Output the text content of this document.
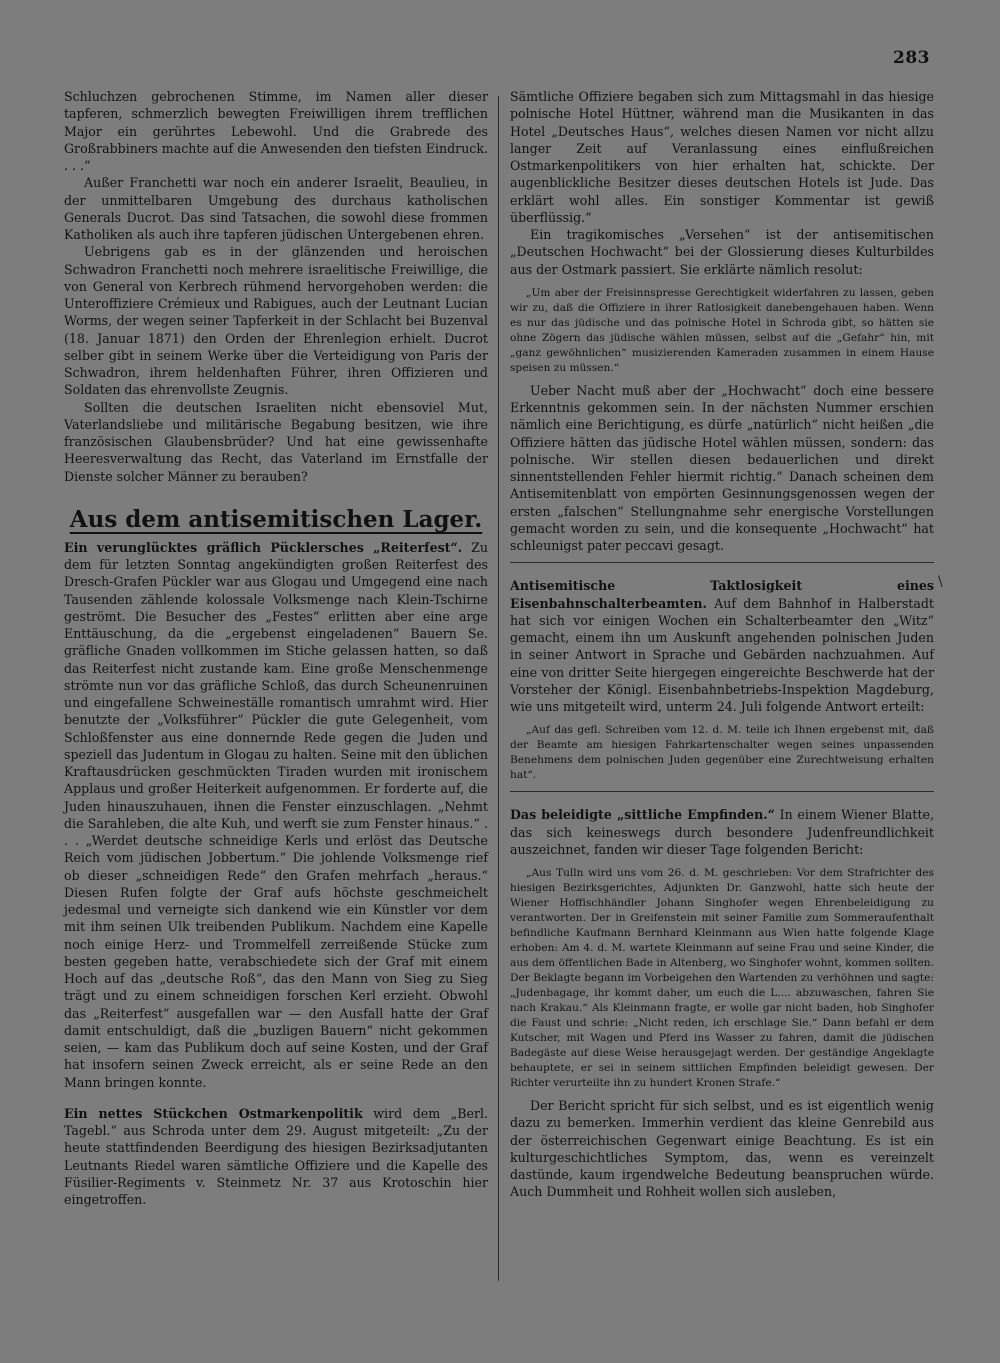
283

Schluchzen gebrochenen Stimme, im Namen aller dieser tapferen, schmerzlich bewegten Freiwilligen ihrem trefflichen Major ein gerührtes Lebewohl. Und die Grabrede des Großrabbiners machte auf die Anwesenden den tiefsten Eindruck. . . .“

Außer Franchetti war noch ein anderer Israelit, Beaulieu, in der unmittelbaren Umgebung des durchaus katholischen Generals Ducrot. Das sind Tatsachen, die sowohl diese frommen Katholiken als auch ihre tapferen jüdischen Untergebenen ehren.

Uebrigens gab es in der glänzenden und heroischen Schwadron Franchetti noch mehrere israelitische Freiwillige, die von General von Kerbrech rühmend hervorgehoben werden: die Unteroffiziere Crémieux und Rabigues, auch der Leutnant Lucian Worms, der wegen seiner Tapferkeit in der Schlacht bei Buzenval (18. Januar 1871) den Orden der Ehrenlegion erhielt. Ducrot selber gibt in seinem Werke über die Verteidigung von Paris der Schwadron, ihrem heldenhaften Führer, ihren Offizieren und Soldaten das ehrenvollste Zeugnis.

Sollten die deutschen Israeliten nicht ebensoviel Mut, Vaterlandsliebe und militärische Begabung besitzen, wie ihre französischen Glaubensbrüder? Und hat eine gewissenhafte Heeresverwaltung das Recht, das Vaterland im Ernstfalle der Dienste solcher Männer zu berauben?

Aus dem antisemitischen Lager.

Ein verunglücktes gräflich Pücklersches „Reiterfest“. Zu dem für letzten Sonntag angekündigten großen Reiterfest des Dresch-Grafen Pückler war aus Glogau und Umgegend eine nach Tausenden zählende kolossale Volksmenge nach Klein-Tschirne geströmt. Die Besucher des „Festes“ erlitten aber eine arge Enttäuschung, da die „ergebenst eingeladenen“ Bauern Se. gräfliche Gnaden vollkommen im Stiche gelassen hatten, so daß das Reiterfest nicht zustande kam. Eine große Menschenmenge strömte nun vor das gräfliche Schloß, das durch Scheunenruinen und eingefallene Schweineställe romantisch umrahmt wird. Hier benutzte der „Volksführer“ Pückler die gute Gelegenheit, vom Schloßfenster aus eine donnernde Rede gegen die Juden und speziell das Judentum in Glogau zu halten. Seine mit den üblichen Kraftausdrücken geschmückten Tiraden wurden mit ironischem Applaus und großer Heiterkeit aufgenommen. Er forderte auf, die Juden hinauszuhauen, ihnen die Fenster einzuschlagen. „Nehmt die Sarahleben, die alte Kuh, und werft sie zum Fenster hinaus.“ . . . „Werdet deutsche schneidige Kerls und erlöst das Deutsche Reich vom jüdischen Jobbertum.“ Die johlende Volksmenge rief ob dieser „schneidigen Rede“ den Grafen mehrfach „heraus.“ Diesen Rufen folgte der Graf aufs höchste geschmeichelt jedesmal und verneigte sich dankend wie ein Künstler vor dem mit ihm seinen Ulk treibenden Publikum. Nachdem eine Kapelle noch einige Herz- und Trommelfell zerreißende Stücke zum besten gegeben hatte, verabschiedete sich der Graf mit einem Hoch auf das „deutsche Roß“, das den Mann von Sieg zu Sieg trägt und zu einem schneidigen forschen Kerl erzieht. Obwohl das „Reiterfest“ ausgefallen war — den Ausfall hatte der Graf damit entschuldigt, daß die „buzligen Bauern“ nicht gekommen seien, — kam das Publikum doch auf seine Kosten, und der Graf hat insofern seinen Zweck erreicht, als er seine Rede an den Mann bringen konnte.

Ein nettes Stückchen Ostmarkenpolitik wird dem „Berl. Tagebl.“ aus Schroda unter dem 29. August mitgeteilt: „Zu der heute stattfindenden Beerdigung des hiesigen Bezirksadjutanten Leutnants Riedel waren sämtliche Offiziere und die Kapelle des Füsilier-Regiments v. Steinmetz Nr. 37 aus Krotoschin hier eingetroffen.

Sämtliche Offiziere begaben sich zum Mittagsmahl in das hiesige polnische Hotel Hüttner, während man die Musikanten in das Hotel „Deutsches Haus“, welches diesen Namen vor nicht allzu langer Zeit auf Veranlassung eines einflußreichen Ostmarkenpolitikers von hier erhalten hat, schickte. Der augenblickliche Besitzer dieses deutschen Hotels ist Jude. Das erklärt wohl alles. Ein sonstiger Kommentar ist gewiß überflüssig.“

Ein tragikomisches „Versehen“ ist der antisemitischen „Deutschen Hochwacht“ bei der Glossierung dieses Kulturbildes aus der Ostmark passiert. Sie erklärte nämlich resolut:

„Um aber der Freisinnspresse Gerechtigkeit widerfahren zu lassen, geben wir zu, daß die Offiziere in ihrer Ratlosigkeit danebengehauen haben. Wenn es nur das jüdische und das polnische Hotel in Schroda gibt, so hätten sie ohne Zögern das jüdische wählen müssen, selbst auf die „Gefahr“ hin, mit „ganz gewöhnlichen“ musizierenden Kameraden zusammen in einem Hause speisen zu müssen.“

Ueber Nacht muß aber der „Hochwacht“ doch eine bessere Erkenntnis gekommen sein. In der nächsten Nummer erschien nämlich eine Berichtigung, es dürfe „natürlich“ nicht heißen „die Offiziere hätten das jüdische Hotel wählen müssen, sondern: das polnische. Wir stellen diesen bedauerlichen und direkt sinnentstellenden Fehler hiermit richtig.“ Danach scheinen dem Antisemitenblatt von empörten Gesinnungsgenossen wegen der ersten „falschen“ Stellungnahme sehr energische Vorstellungen gemacht worden zu sein, und die konsequente „Hochwacht“ hat schleunigst pater peccavi gesagt.

Antisemitische Taktlosigkeit eines Eisenbahnschalterbeamten. Auf dem Bahnhof in Halberstadt hat sich vor einigen Wochen ein Schalterbeamter den „Witz“ gemacht, einem ihn um Auskunft angehenden polnischen Juden in seiner Antwort in Sprache und Gebärden nachzuahmen. Auf eine von dritter Seite hiergegen eingereichte Beschwerde hat der Vorsteher der Königl. Eisenbahnbetriebs-Inspektion Magdeburg, wie uns mitgeteilt wird, unterm 24. Juli folgende Antwort erteilt:

„Auf das gefl. Schreiben vom 12. d. M. teile ich Ihnen ergebenst mit, daß der Beamte am hiesigen Fahrkartenschalter wegen seines unpassenden Benehmens dem polnischen Juden gegenüber eine Zurechtweisung erhalten hat“.

Das beleidigte „sittliche Empfinden.“ In einem Wiener Blatte, das sich keineswegs durch besondere Judenfreundlichkeit auszeichnet, fanden wir dieser Tage folgenden Bericht:

„Aus Tulln wird uns vom 26. d. M. geschrieben: Vor dem Strafrichter des hiesigen Bezirksgerichtes, Adjunkten Dr. Ganzwohl, hatte sich heute der Wiener Hoffischhändler Johann Singhofer wegen Ehrenbeleidigung zu verantworten. Der in Greifenstein mit seiner Familie zum Sommeraufenthalt befindliche Kaufmann Bernhard Kleinmann aus Wien hatte folgende Klage erhoben: Am 4. d. M. wartete Kleinmann auf seine Frau und seine Kinder, die aus dem öffentlichen Bade in Altenberg, wo Singhofer wohnt, kommen sollten. Der Beklagte begann im Vorbeigehen den Wartenden zu verhöhnen und sagte: „Judenbagage, ihr kommt daher, um euch die L.... abzuwaschen, fahren Sie nach Krakau.“ Als Kleinmann fragte, er wolle gar nicht baden, hob Singhofer die Faust und schrie: „Nicht reden, ich erschlage Sie.“ Dann befahl er dem Kutscher, mit Wagen und Pferd ins Wasser zu fahren, damit die jüdischen Badegäste auf diese Weise herausgejagt werden. Der geständige Angeklagte behauptete, er sei in seinem sittlichen Empfinden beleidigt gewesen. Der Richter verurteilte ihn zu hundert Kronen Strafe.“

Der Bericht spricht für sich selbst, und es ist eigentlich wenig dazu zu bemerken. Immerhin verdient das kleine Genrebild aus der österreichischen Gegenwart einige Beachtung. Es ist ein kulturgeschichtliches Symptom, das, wenn es vereinzelt dastünde, kaum irgendwelche Bedeutung beanspruchen würde. Auch Dummheit und Rohheit wollen sich ausleben,

\
